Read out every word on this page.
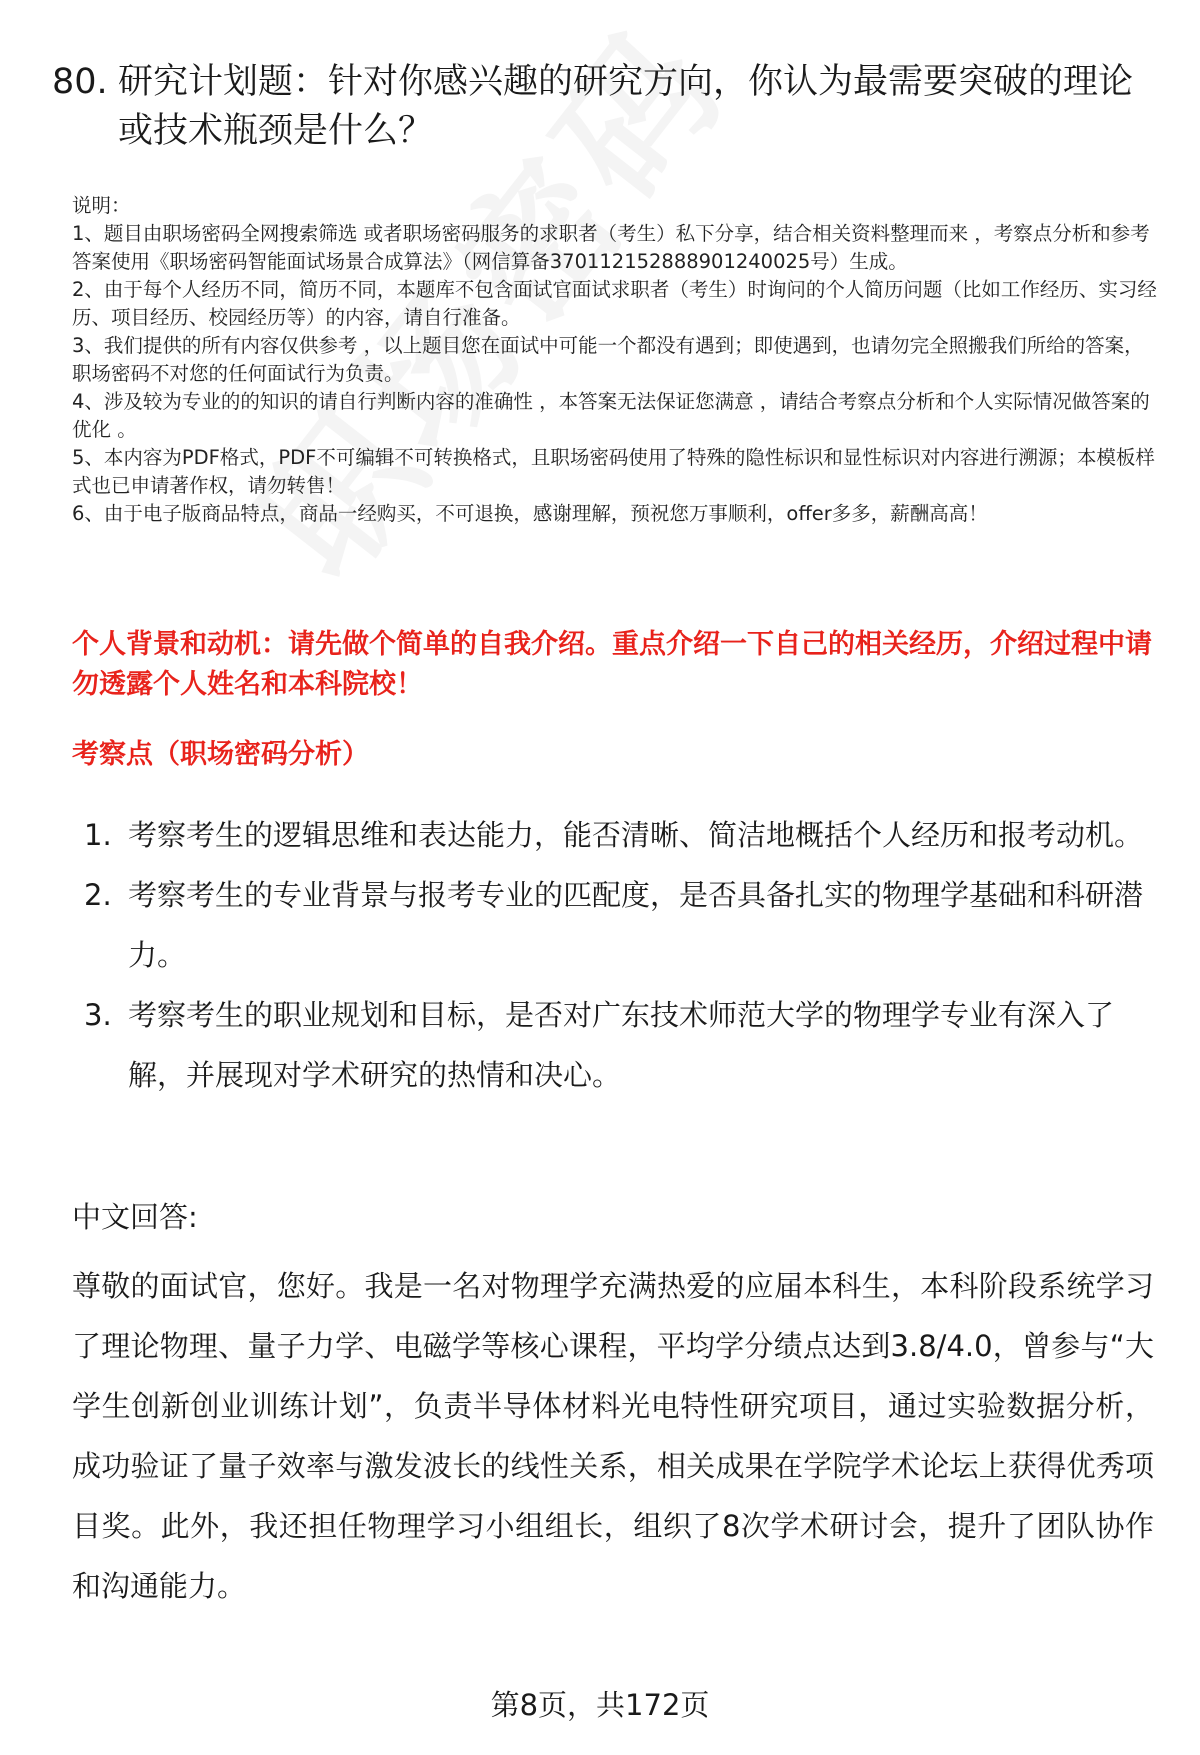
80. 研究计划题：针对你感兴趣的研究方向，你认为最需要突破的理论或技术瓶颈是什么？

说明：

1、题目由职场密码全网搜索筛选 或者职场密码服务的求职者（考生）私下分享，结合相关资料整理而来 ，考察点分析和参考答案使用《职场密码智能面试场景合成算法》（网信算备370112152888901240025号）生成。

2、由于每个人经历不同，简历不同，本题库不包含面试官面试求职者（考生）时询问的个人简历问题（比如工作经历、实习经历、项目经历、校园经历等）的内容，请自行准备。

3、我们提供的所有内容仅供参考 ，以上题目您在面试中可能一个都没有遇到；即使遇到，也请勿完全照搬我们所给的答案，职场密码不对您的任何面试行为负责。

4、涉及较为专业的的知识的请自行判断内容的准确性 ，本答案无法保证您满意 ，请结合考察点分析和个人实际情况做答案的优化 。

5、本内容为PDF格式，PDF不可编辑不可转换格式，且职场密码使用了特殊的隐性标识和显性标识对内容进行溯源；本模板样式也已申请著作权，请勿转售！

6、由于电子版商品特点，商品一经购买，不可退换，感谢理解，预祝您万事顺利，offer多多，薪酬高高！

个人背景和动机：请先做个简单的自我介绍。重点介绍一下自己的相关经历，介绍过程中请勿透露个人姓名和本科院校！
考察点（职场密码分析）
1. 考察考生的逻辑思维和表达能力，能否清晰、简洁地概括个人经历和报考动机。
2. 考察考生的专业背景与报考专业的匹配度，是否具备扎实的物理学基础和科研潜力。
3. 考察考生的职业规划和目标，是否对广东技术师范大学的物理学专业有深入了解，并展现对学术研究的热情和决心。
中文回答:

尊敬的面试官，您好。我是一名对物理学充满热爱的应届本科生，本科阶段系统学习了理论物理、量子力学、电磁学等核心课程，平均学分绩点达到3.8/4.0，曾参与“大学生创新创业训练计划”，负责半导体材料光电特性研究项目，通过实验数据分析，成功验证了量子效率与激发波长的线性关系，相关成果在学院学术论坛上获得优秀项目奖。此外，我还担任物理学习小组组长，组织了8次学术研讨会，提升了团队协作和沟通能力。

第8页，共172页
